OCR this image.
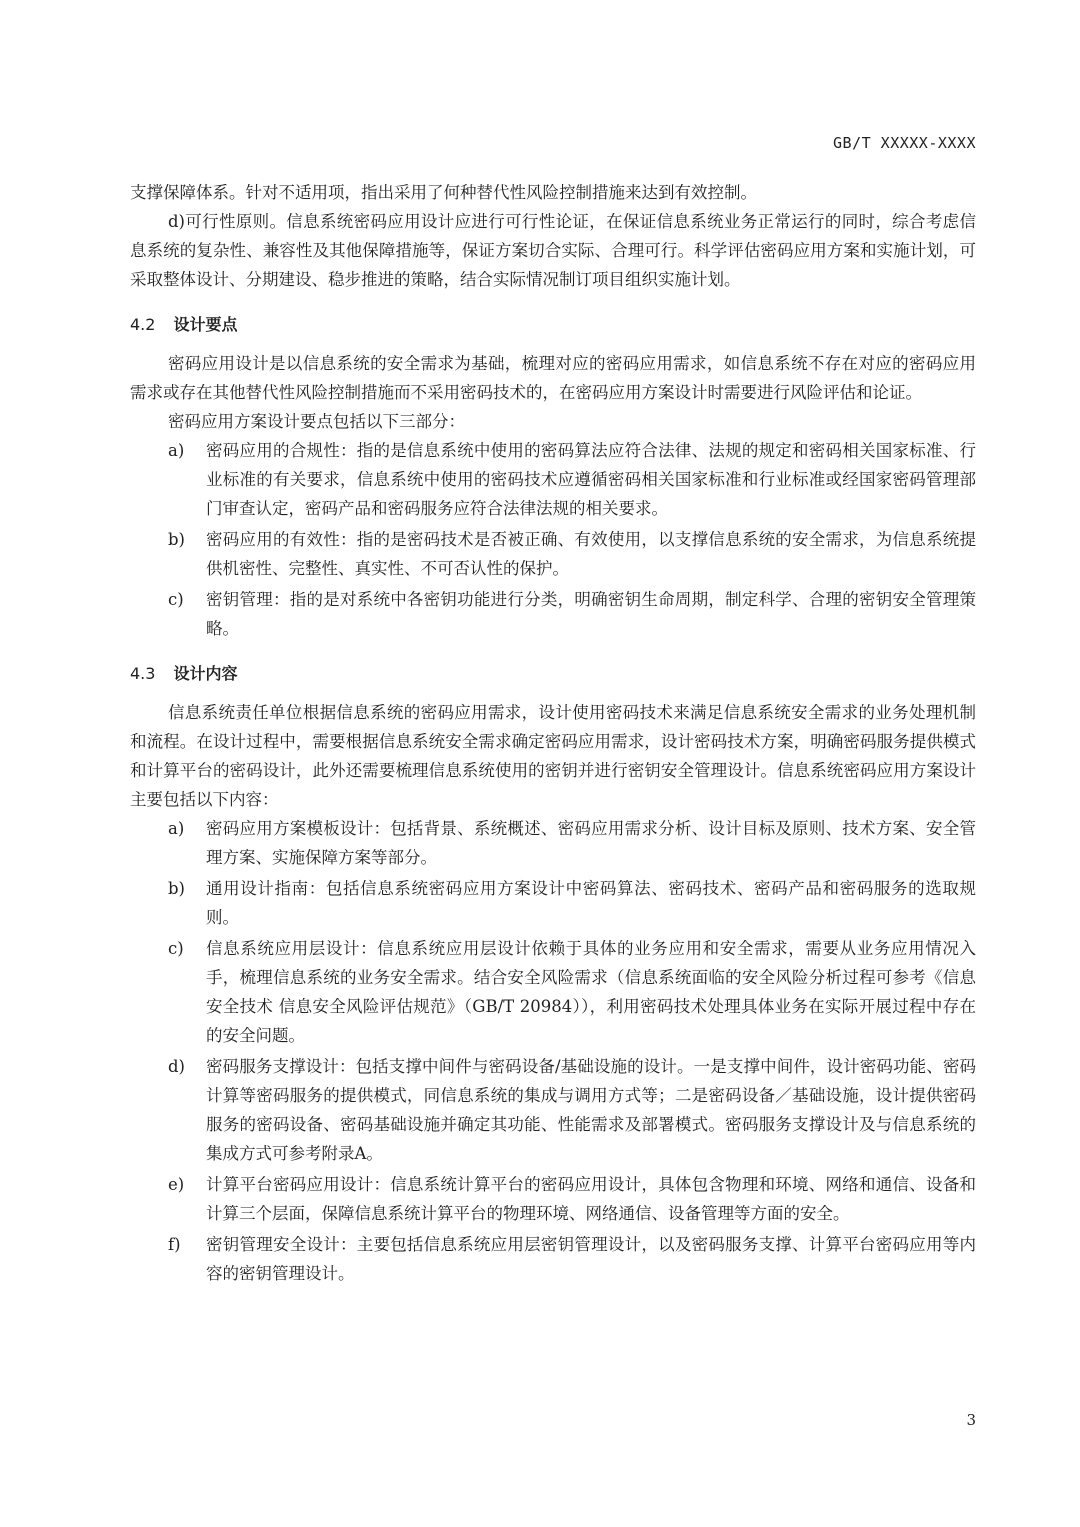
GB/T XXXXX-XXXX

支撑保障体系。针对不适用项，指出采用了何种替代性风险控制措施来达到有效控制。

d)可行性原则。信息系统密码应用设计应进行可行性论证，在保证信息系统业务正常运行的同时，综合考虑信息系统的复杂性、兼容性及其他保障措施等，保证方案切合实际、合理可行。科学评估密码应用方案和实施计划，可采取整体设计、分期建设、稳步推进的策略，结合实际情况制订项目组织实施计划。

4.2 设计要点

密码应用设计是以信息系统的安全需求为基础，梳理对应的密码应用需求，如信息系统不存在对应的密码应用需求或存在其他替代性风险控制措施而不采用密码技术的，在密码应用方案设计时需要进行风险评估和论证。

密码应用方案设计要点包括以下三部分：

a)	密码应用的合规性：指的是信息系统中使用的密码算法应符合法律、法规的规定和密码相关国家标准、行业标准的有关要求，信息系统中使用的密码技术应遵循密码相关国家标准和行业标准或经国家密码管理部门审查认定，密码产品和密码服务应符合法律法规的相关要求。
b)	密码应用的有效性：指的是密码技术是否被正确、有效使用，以支撑信息系统的安全需求，为信息系统提供机密性、完整性、真实性、不可否认性的保护。
c)	密钥管理：指的是对系统中各密钥功能进行分类，明确密钥生命周期，制定科学、合理的密钥安全管理策略。
4.3 设计内容

信息系统责任单位根据信息系统的密码应用需求，设计使用密码技术来满足信息系统安全需求的业务处理机制和流程。在设计过程中，需要根据信息系统安全需求确定密码应用需求，设计密码技术方案，明确密码服务提供模式和计算平台的密码设计，此外还需要梳理信息系统使用的密钥并进行密钥安全管理设计。信息系统密码应用方案设计主要包括以下内容：

a)	密码应用方案模板设计：包括背景、系统概述、密码应用需求分析、设计目标及原则、技术方案、安全管理方案、实施保障方案等部分。
b)	通用设计指南：包括信息系统密码应用方案设计中密码算法、密码技术、密码产品和密码服务的选取规则。
c)	信息系统应用层设计：信息系统应用层设计依赖于具体的业务应用和安全需求，需要从业务应用情况入手，梳理信息系统的业务安全需求。结合安全风险需求（信息系统面临的安全风险分析过程可参考《信息安全技术 信息安全风险评估规范》（GB/T 20984）），利用密码技术处理具体业务在实际开展过程中存在的安全问题。
d)	密码服务支撑设计：包括支撑中间件与密码设备/基础设施的设计。一是支撑中间件，设计密码功能、密码计算等密码服务的提供模式，同信息系统的集成与调用方式等；二是密码设备／基础设施，设计提供密码服务的密码设备、密码基础设施并确定其功能、性能需求及部署模式。密码服务支撑设计及与信息系统的集成方式可参考附录A。
e)	计算平台密码应用设计：信息系统计算平台的密码应用设计，具体包含物理和环境、网络和通信、设备和计算三个层面，保障信息系统计算平台的物理环境、网络通信、设备管理等方面的安全。
f)	密钥管理安全设计：主要包括信息系统应用层密钥管理设计，以及密码服务支撑、计算平台密码应用等内容的密钥管理设计。
3
